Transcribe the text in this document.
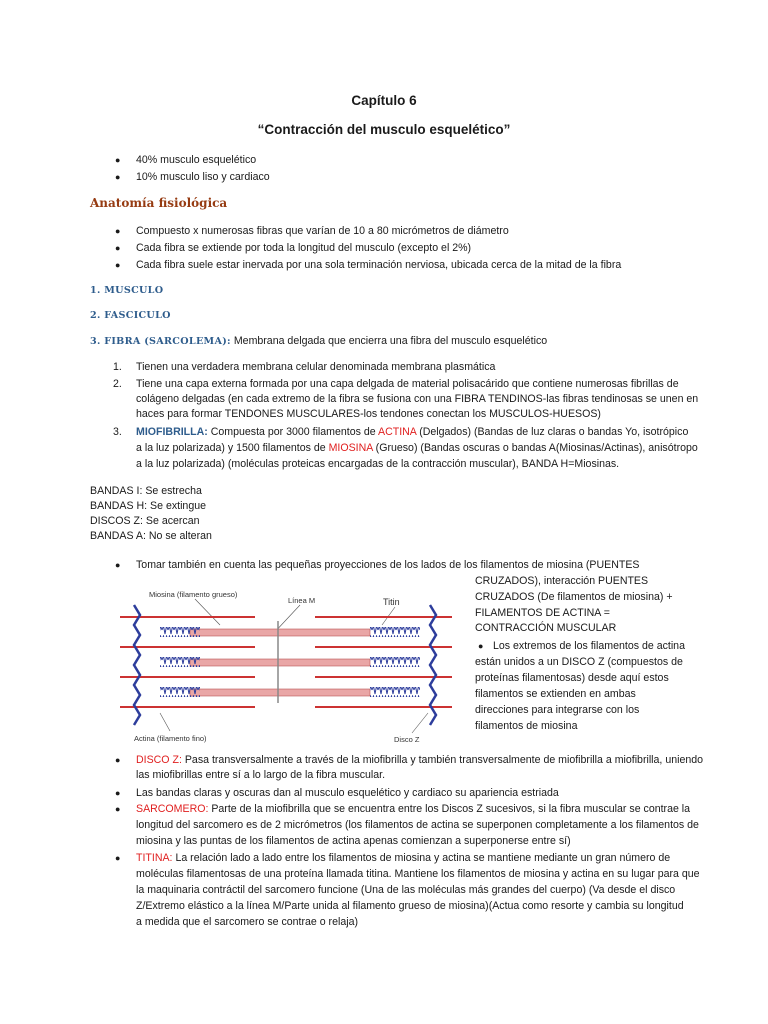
Capítulo 6
“Contracción del musculo esquelético”
● 40% musculo esquelético
● 10% musculo liso y cardiaco
Anatomía fisiológica
● Compuesto x numerosas fibras que varían de 10 a 80 micrómetros de diámetro
● Cada fibra se extiende por toda la longitud del musculo (excepto el 2%)
● Cada fibra suele estar inervada por una sola terminación nerviosa, ubicada cerca de la mitad de la fibra
1. MUSCULO
2. FASCICULO
3. FIBRA (SARCOLEMA): Membrana delgada que encierra una fibra del musculo esquelético
1. Tienen una verdadera membrana celular denominada membrana plasmática
2. Tiene una capa externa formada por una capa delgada de material polisacárido que contiene numerosas fibrillas de
colágeno delgadas (en cada extremo de la fibra se fusiona con una FIBRA TENDINOS-las fibras tendinosas se unen en
haces para formar TENDONES MUSCULARES-los tendones conectan los MUSCULOS-HUESOS)
3. MIOFIBRILLA: Compuesta por 3000 filamentos de ACTINA (Delgados) (Bandas de luz claras o bandas Yo, isotrópico
a la luz polarizada) y 1500 filamentos de MIOSINA (Grueso) (Bandas oscuras o bandas A(Miosinas/Actinas), anisótropo
a la luz polarizada) (moléculas proteicas encargadas de la contracción muscular), BANDA H=Miosinas.
BANDAS I: Se estrecha
BANDAS H: Se extingue
DISCOS Z: Se acercan
BANDAS A: No se alteran
● Tomar también en cuenta las pequeñas proyecciones de los lados de los filamentos de miosina (PUENTES
CRUZADOS), interacción PUENTES
CRUZADOS (De filamentos de miosina) +
FILAMENTOS DE ACTINA =
CONTRACCIÓN MUSCULAR
● Los extremos de los filamentos de actina
están unidos a un DISCO Z (compuestos de
proteínas filamentosas) desde aquí estos
filamentos se extienden en ambas
direcciones para integrarse con los
filamentos de miosina
Miosina (filamento grueso)
Línea M	Titin
Actina (filamento fino)	Disco Z
● DISCO Z: Pasa transversalmente a través de la miofibrilla y también transversalmente de miofibrilla a miofibrilla, uniendo
las miofibrillas entre sí a lo largo de la fibra muscular.
● Las bandas claras y oscuras dan al musculo esquelético y cardiaco su apariencia estriada
● SARCOMERO: Parte de la miofibrilla que se encuentra entre los Discos Z sucesivos, si la fibra muscular se contrae la
longitud del sarcomero es de 2 micrómetros (los filamentos de actina se superponen completamente a los filamentos de
miosina y las puntas de los filamentos de actina apenas comienzan a superponerse entre sí)
● TITINA: La relación lado a lado entre los filamentos de miosina y actina se mantiene mediante un gran número de
moléculas filamentosas de una proteína llamada titina. Mantiene los filamentos de miosina y actina en su lugar para que
la maquinaria contráctil del sarcomero funcione (Una de las moléculas más grandes del cuerpo) (Va desde el disco
Z/Extremo elástico a la línea M/Parte unida al filamento grueso de miosina)(Actua como resorte y cambia su longitud
a medida que el sarcomero se contrae o relaja)
